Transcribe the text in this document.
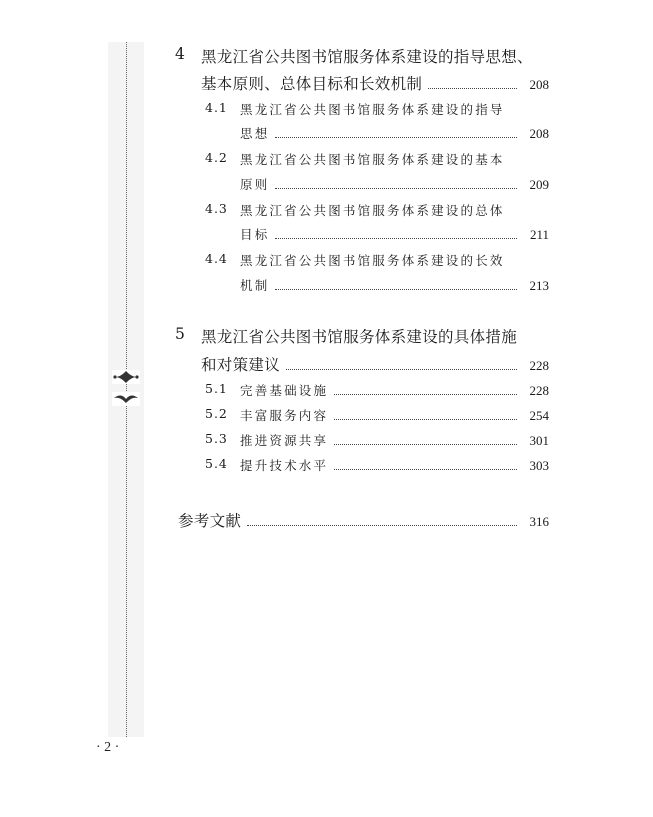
4 黑龙江省公共图书馆服务体系建设的指导思想、
基本原则、总体目标和长效机制	208
4.1 黑龙江省公共图书馆服务体系建设的指导
思想	208
4.2 黑龙江省公共图书馆服务体系建设的基本
原则	209
4.3 黑龙江省公共图书馆服务体系建设的总体
目标	211
4.4 黑龙江省公共图书馆服务体系建设的长效
机制	213
5 黑龙江省公共图书馆服务体系建设的具体措施
和对策建议	228
5.1 完善基础设施	228
5.2 丰富服务内容	254
5.3 推进资源共享	301
5.4 提升技术水平	303
参考文献	316
· 2 ·
